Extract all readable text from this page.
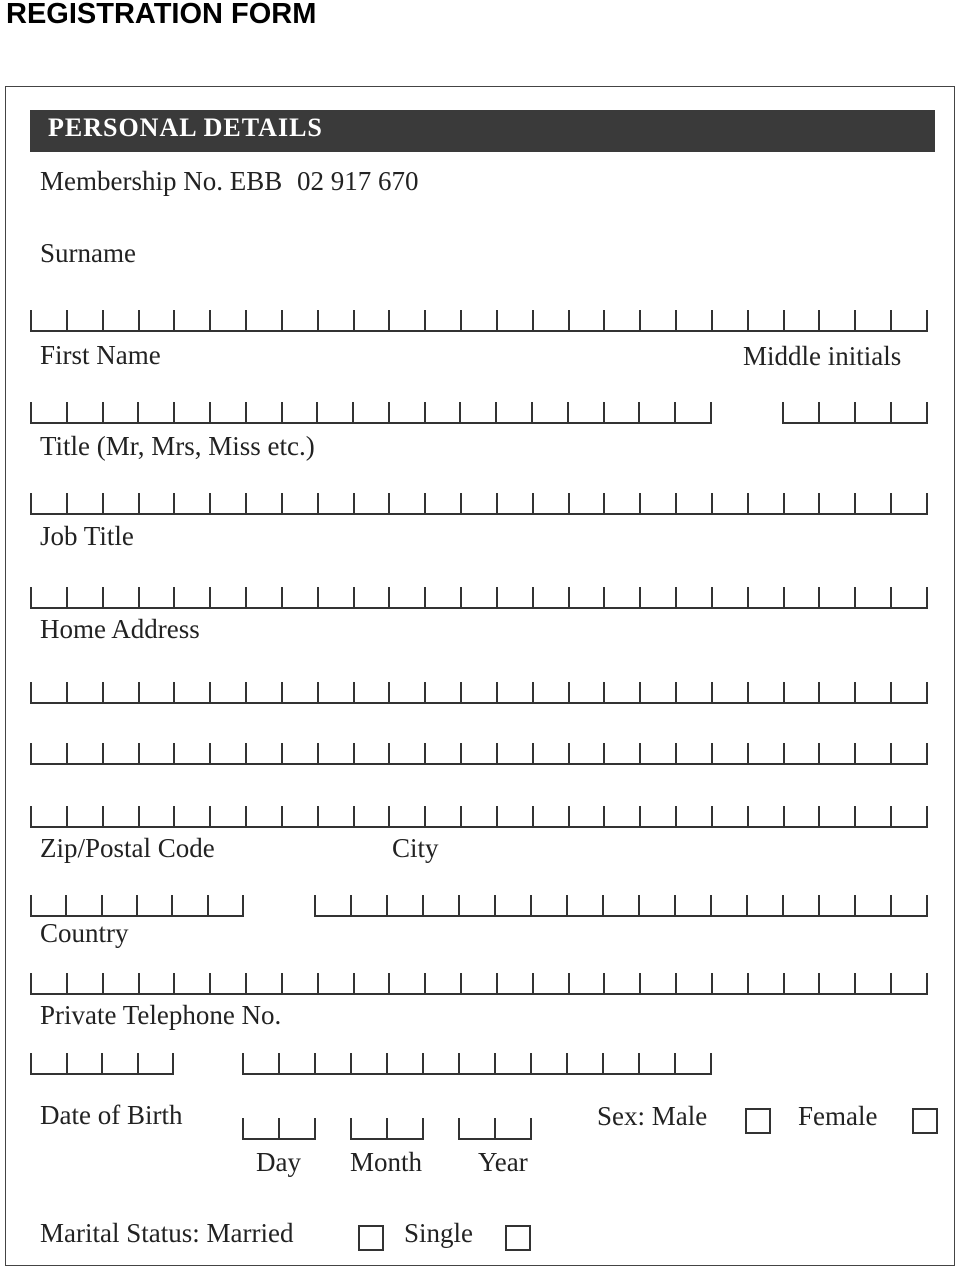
REGISTRATION FORM
PERSONAL DETAILS
Membership No. EBB 02 917 670
Surname
First Name	Middle initials
Title (Mr, Mrs, Miss etc.)
Job Title
Home Address
Zip/Postal Code	City
Country
Private Telephone No.
Date of Birth
Day Month Year
Sex: Male	Female
Marital Status: Married	Single
